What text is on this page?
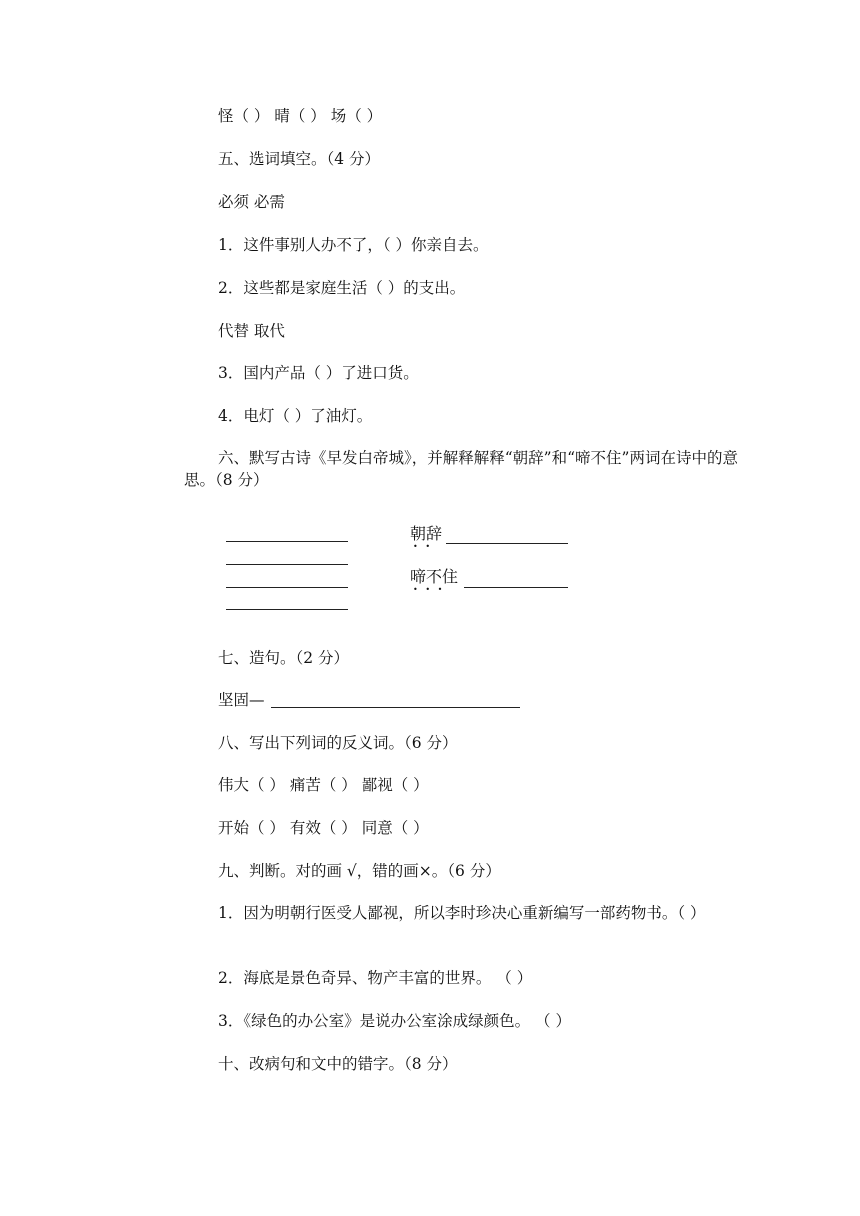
怪（ ） 晴（ ） 场（ ）
五、选词填空。（4 分）
必须 必需
1．这件事别人办不了，（ ）你亲自去。
2．这些都是家庭生活（ ）的支出。
代替 取代
3．国内产品（ ）了进口货。
4．电灯（ ）了油灯。
六、默写古诗《早发白帝城》，并解释解释“朝辞”和“啼不住”两词在诗中的意思。（8 分）
朝辞
• •
啼不住
• • •
七、造句。（2 分）
坚固—
八、写出下列词的反义词。（6 分）
伟大（ ） 痛苦（ ） 鄙视（ ）
开始（ ） 有效（ ） 同意（ ）
九、判断。对的画 √，错的画×。（6 分）
1．因为明朝行医受人鄙视，所以李时珍决心重新编写一部药物书。（ ）
2．海底是景色奇异、物产丰富的世界。 （ ）
3．《绿色的办公室》是说办公室涂成绿颜色。 （ ）
十、改病句和文中的错字。（8 分）
